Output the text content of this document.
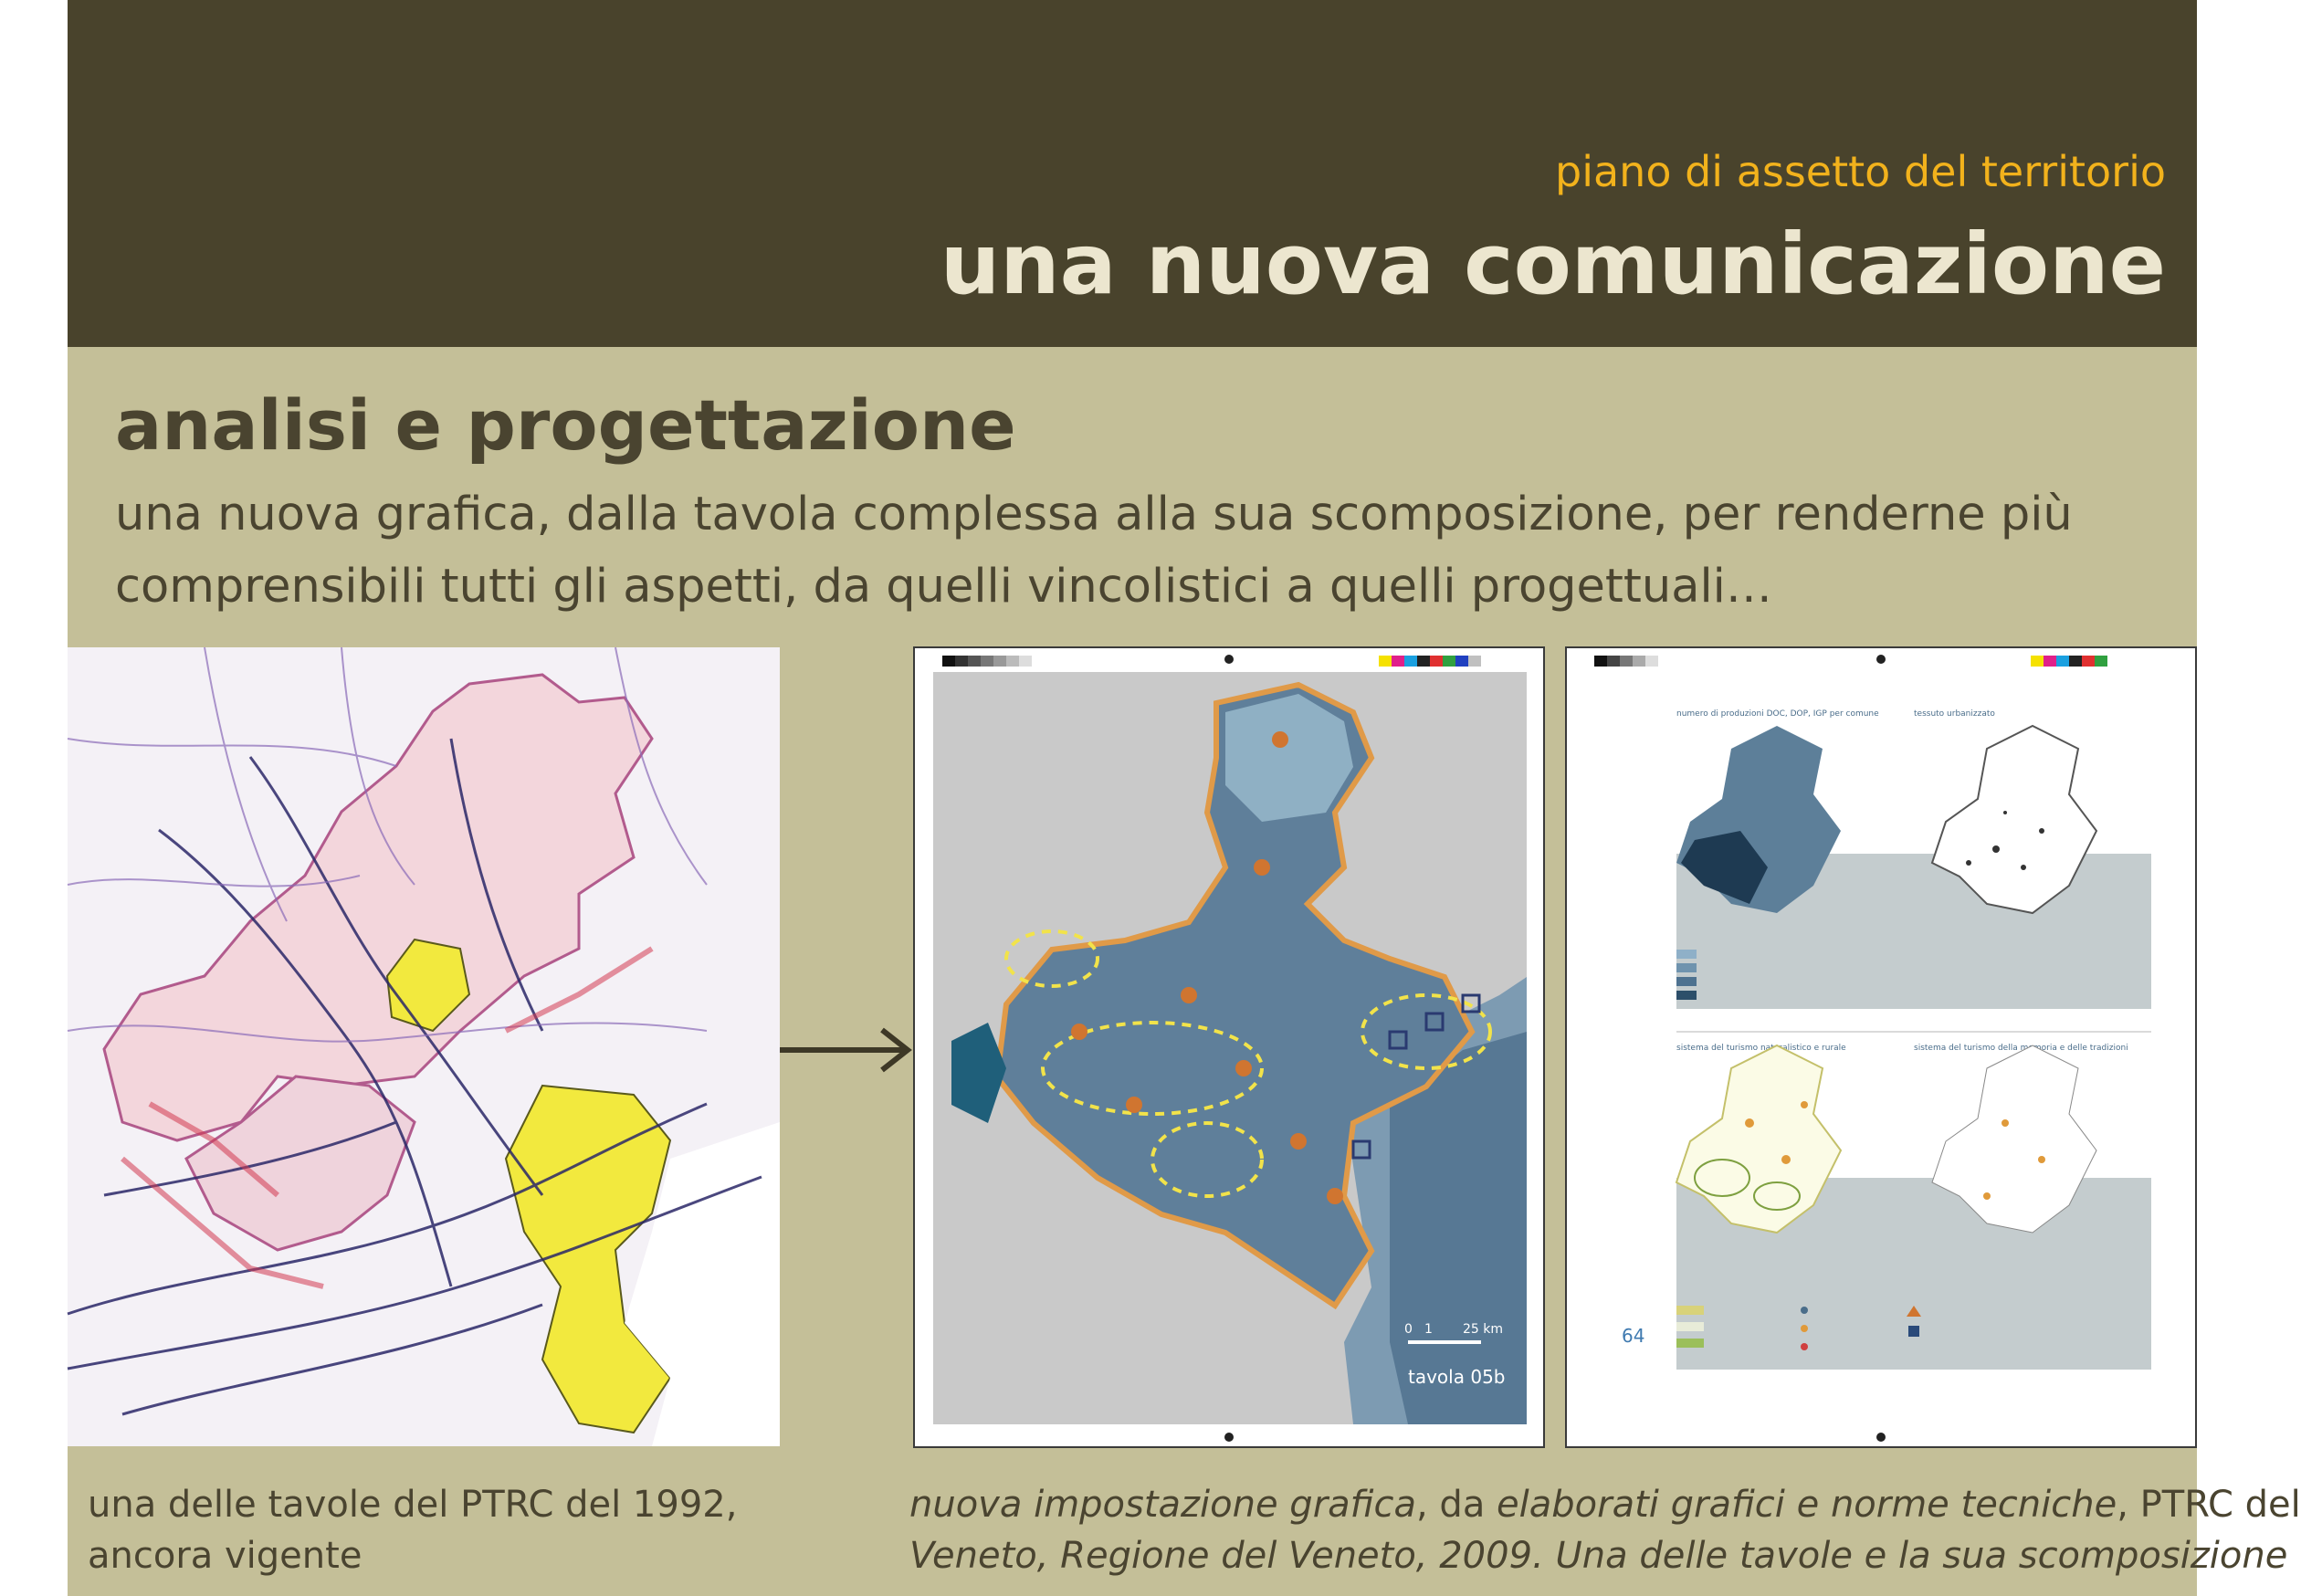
piano di assetto del territorio
una nuova comunicazione
analisi e progettazione

una nuova grafica, dalla tavola complessa alla sua scomposizione, per renderne più
comprensibili tutti gli aspetti, da quelli vincolistici a quelli progettuali…

0 1 25 km
tavola 05b
numero di produzioni DOC, DOP, IGP per comune	tessuto urbanizzato
sistema del turismo naturalistico e rurale	sistema del turismo della memoria e delle tradizioni
64

una delle tavole del PTRC del 1992,
ancora vigente

nuova impostazione grafica, da elaborati grafici e norme tecniche, PTRC del
Veneto, Regione del Veneto, 2009. Una delle tavole e la sua scomposizione
